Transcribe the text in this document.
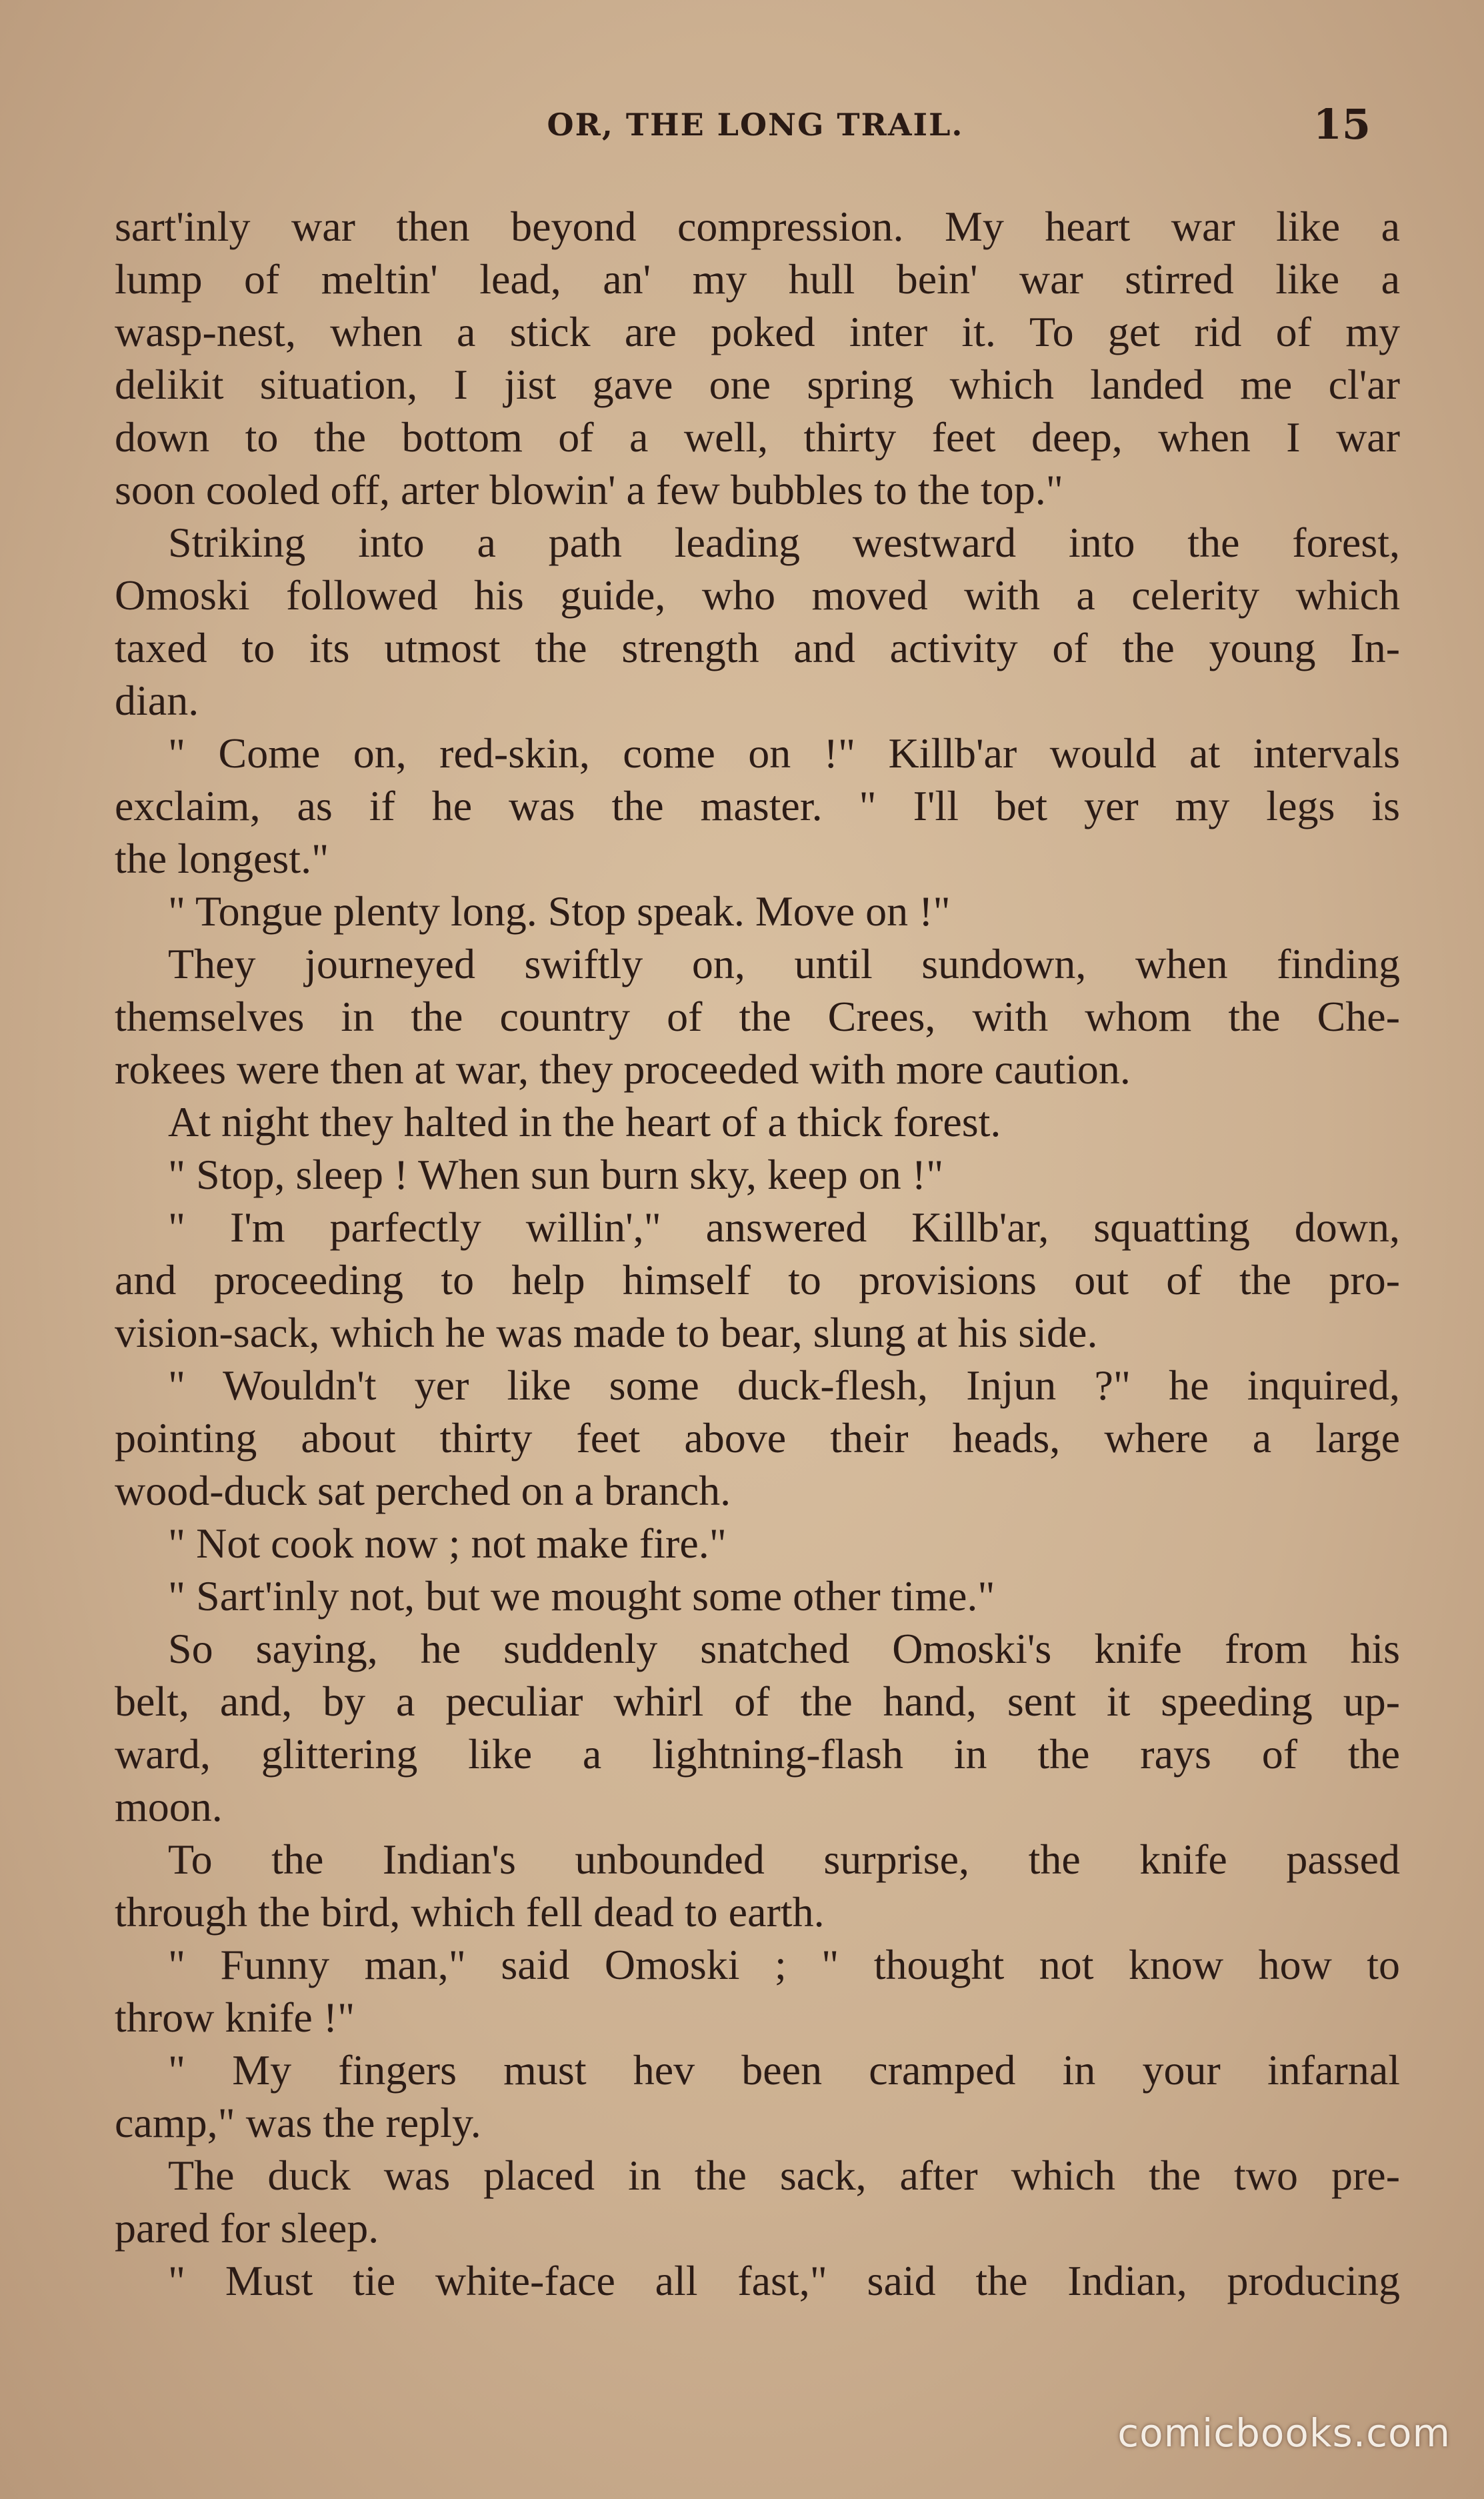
OR, THE LONG TRAIL.	15
sart'inly war then beyond compression. My heart war like a
lump of meltin' lead, an' my hull bein' war stirred like a
wasp-nest, when a stick are poked inter it. To get rid of my
delikit situation, I jist gave one spring which landed me cl'ar
down to the bottom of a well, thirty feet deep, when I war
soon cooled off, arter blowin' a few bubbles to the top."
Striking into a path leading westward into the forest,
Omoski followed his guide, who moved with a celerity which
taxed to its utmost the strength and activity of the young In-
dian.
" Come on, red-skin, come on !" Killb'ar would at intervals
exclaim, as if he was the master. " I'll bet yer my legs is
the longest."
" Tongue plenty long. Stop speak. Move on !"
They journeyed swiftly on, until sundown, when finding
themselves in the country of the Crees, with whom the Che-
rokees were then at war, they proceeded with more caution.
At night they halted in the heart of a thick forest.
" Stop, sleep ! When sun burn sky, keep on !"
" I'm parfectly willin'," answered Killb'ar, squatting down,
and proceeding to help himself to provisions out of the pro-
vision-sack, which he was made to bear, slung at his side.
" Wouldn't yer like some duck-flesh, Injun ?" he inquired,
pointing about thirty feet above their heads, where a large
wood-duck sat perched on a branch.
" Not cook now ; not make fire."
" Sart'inly not, but we mought some other time."
So saying, he suddenly snatched Omoski's knife from his
belt, and, by a peculiar whirl of the hand, sent it speeding up-
ward, glittering like a lightning-flash in the rays of the
moon.
To the Indian's unbounded surprise, the knife passed
through the bird, which fell dead to earth.
" Funny man," said Omoski ; " thought not know how to
throw knife !"
" My fingers must hev been cramped in your infarnal
camp," was the reply.
The duck was placed in the sack, after which the two pre-
pared for sleep.
" Must tie white-face all fast," said the Indian, producing
comicbooks.com
